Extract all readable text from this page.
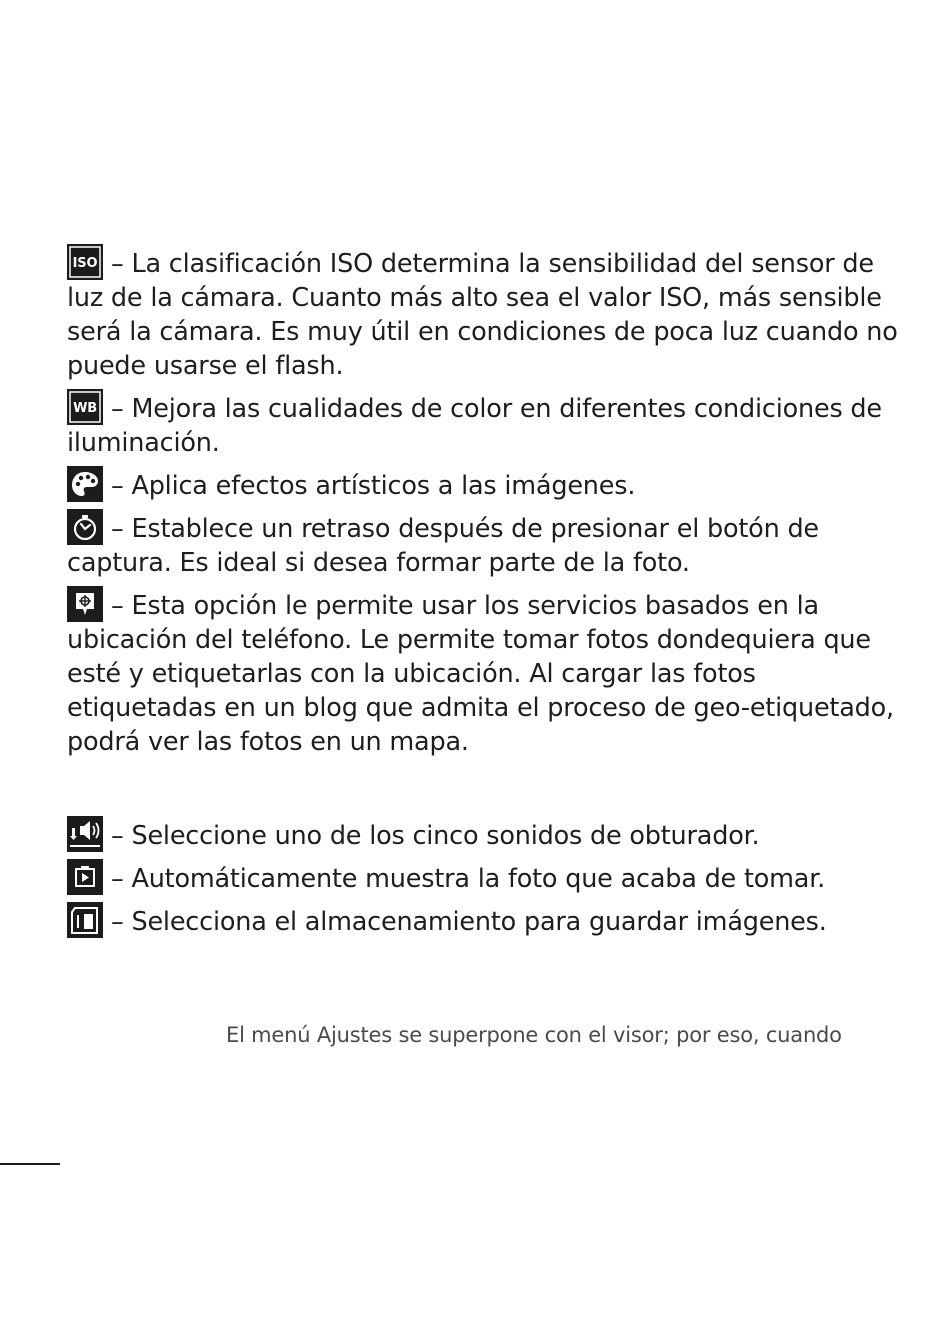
ISO – La clasificación ISO determina la sensibilidad del sensor de luz de la cámara. Cuanto más alto sea el valor ISO, más sensible será la cámara. Es muy útil en condiciones de poca luz cuando no puede usarse el flash.

WB – Mejora las cualidades de color en diferentes condiciones de iluminación.

– Aplica efectos artísticos a las imágenes.

– Establece un retraso después de presionar el botón de captura. Es ideal si desea formar parte de la foto.

– Esta opción le permite usar los servicios basados en la ubicación del teléfono. Le permite tomar fotos dondequiera que esté y etiquetarlas con la ubicación. Al cargar las fotos etiquetadas en un blog que admita el proceso de geo-etiquetado, podrá ver las fotos en un mapa.

– Seleccione uno de los cinco sonidos de obturador.

– Automáticamente muestra la foto que acaba de tomar.

– Selecciona el almacenamiento para guardar imágenes.

El menú Ajustes se superpone con el visor; por eso, cuando
